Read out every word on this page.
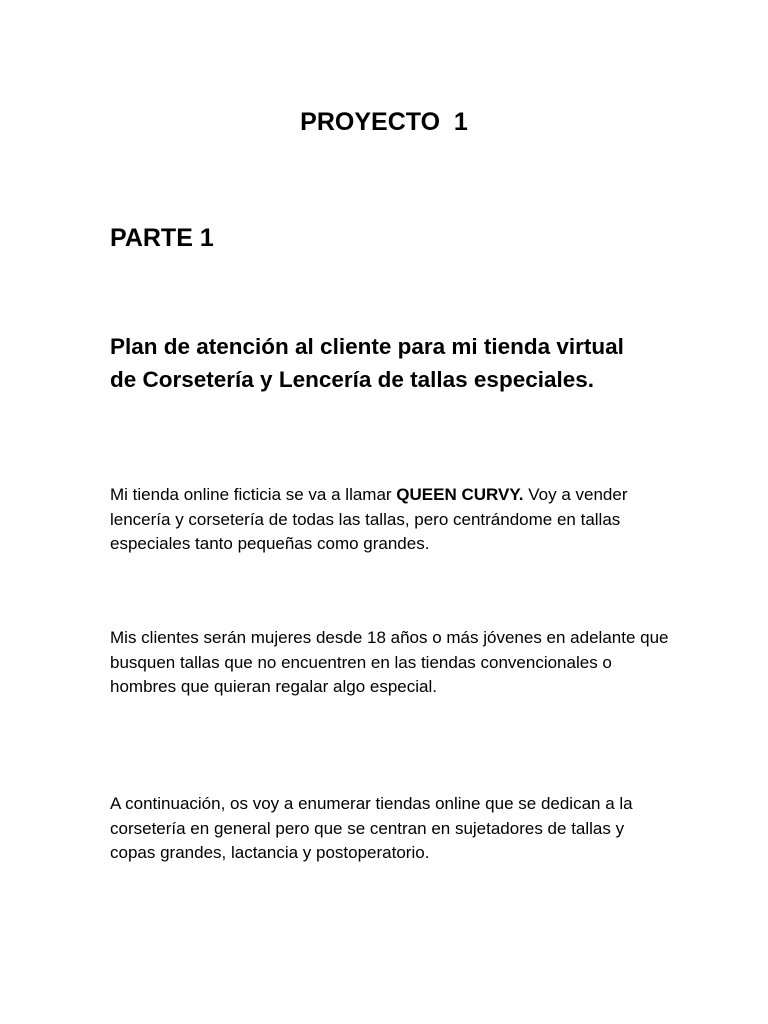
PROYECTO  1
PARTE 1
Plan de atención al cliente para mi tienda virtual de Corsetería y Lencería de tallas especiales.

Mi tienda online ficticia se va a llamar QUEEN CURVY. Voy a vender lencería y corsetería de todas las tallas, pero centrándome en tallas especiales tanto pequeñas como grandes.

Mis clientes serán mujeres desde 18 años o más jóvenes en adelante que busquen tallas que no encuentren en las tiendas convencionales o hombres que quieran regalar algo especial.

A continuación, os voy a enumerar tiendas online que se dedican a la corsetería en general pero que se centran en sujetadores de tallas y copas grandes, lactancia y postoperatorio.
